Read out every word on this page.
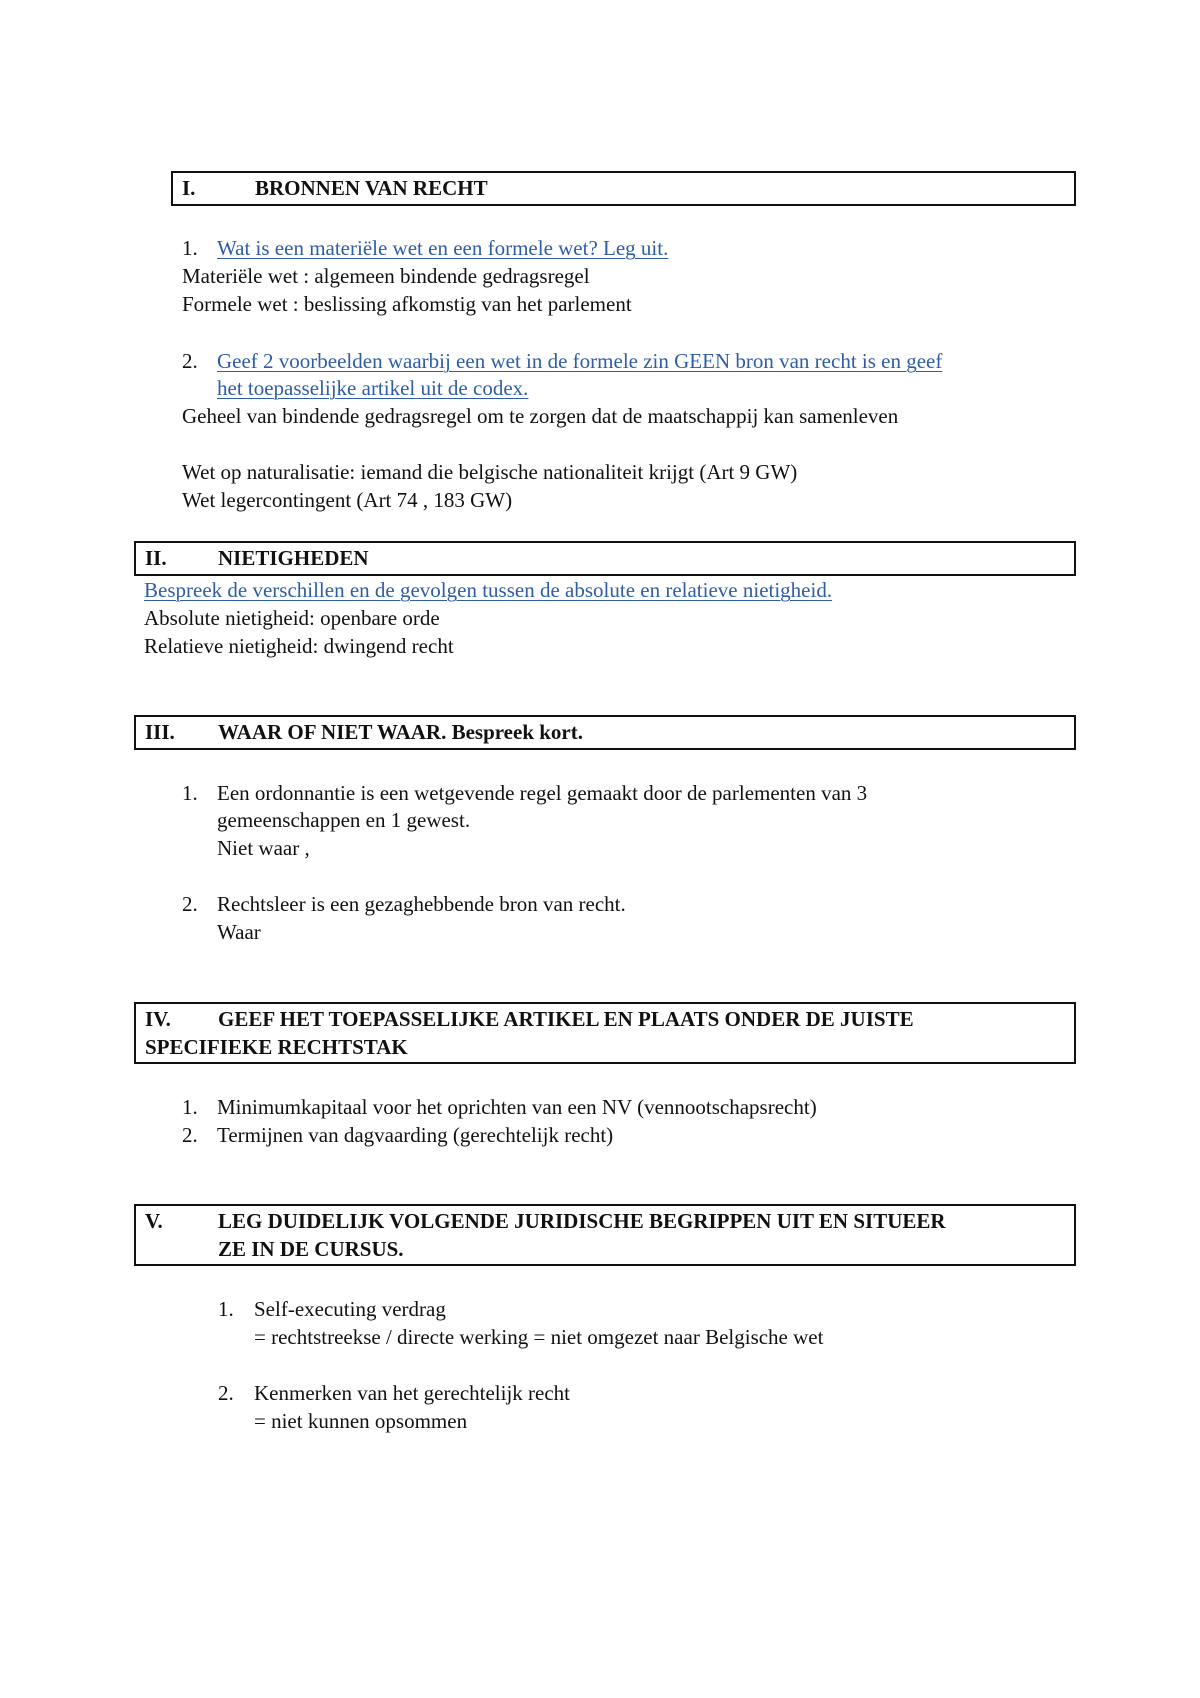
I.	BRONNEN VAN RECHT
1. Wat is een materiële wet en een formele wet? Leg uit.
Materiële wet : algemeen bindende gedragsregel
Formele wet : beslissing afkomstig van het parlement
2. Geef 2 voorbeelden waarbij een wet in de formele zin GEEN bron van recht is en geef
het toepasselijke artikel uit de codex.
Geheel van bindende gedragsregel om te zorgen dat de maatschappij kan samenleven
Wet op naturalisatie: iemand die belgische nationaliteit krijgt (Art 9 GW)
Wet legercontingent (Art 74 , 183 GW)
II. NIETIGHEDEN
Bespreek de verschillen en de gevolgen tussen de absolute en relatieve nietigheid.
Absolute nietigheid: openbare orde
Relatieve nietigheid: dwingend recht
III. WAAR OF NIET WAAR. Bespreek kort.
1. Een ordonnantie is een wetgevende regel gemaakt door de parlementen van 3
gemeenschappen en 1 gewest.
Niet waar ,
2. Rechtsleer is een gezaghebbende bron van recht.
Waar
IV. GEEF HET TOEPASSELIJKE ARTIKEL EN PLAATS ONDER DE JUISTE
SPECIFIEKE RECHTSTAK
1. Minimumkapitaal voor het oprichten van een NV (vennootschapsrecht)
2. Termijnen van dagvaarding (gerechtelijk recht)
V.	LEG DUIDELIJK VOLGENDE JURIDISCHE BEGRIPPEN UIT EN SITUEER
ZE IN DE CURSUS.
1. Self-executing verdrag
= rechtstreekse / directe werking = niet omgezet naar Belgische wet
2. Kenmerken van het gerechtelijk recht
= niet kunnen opsommen
